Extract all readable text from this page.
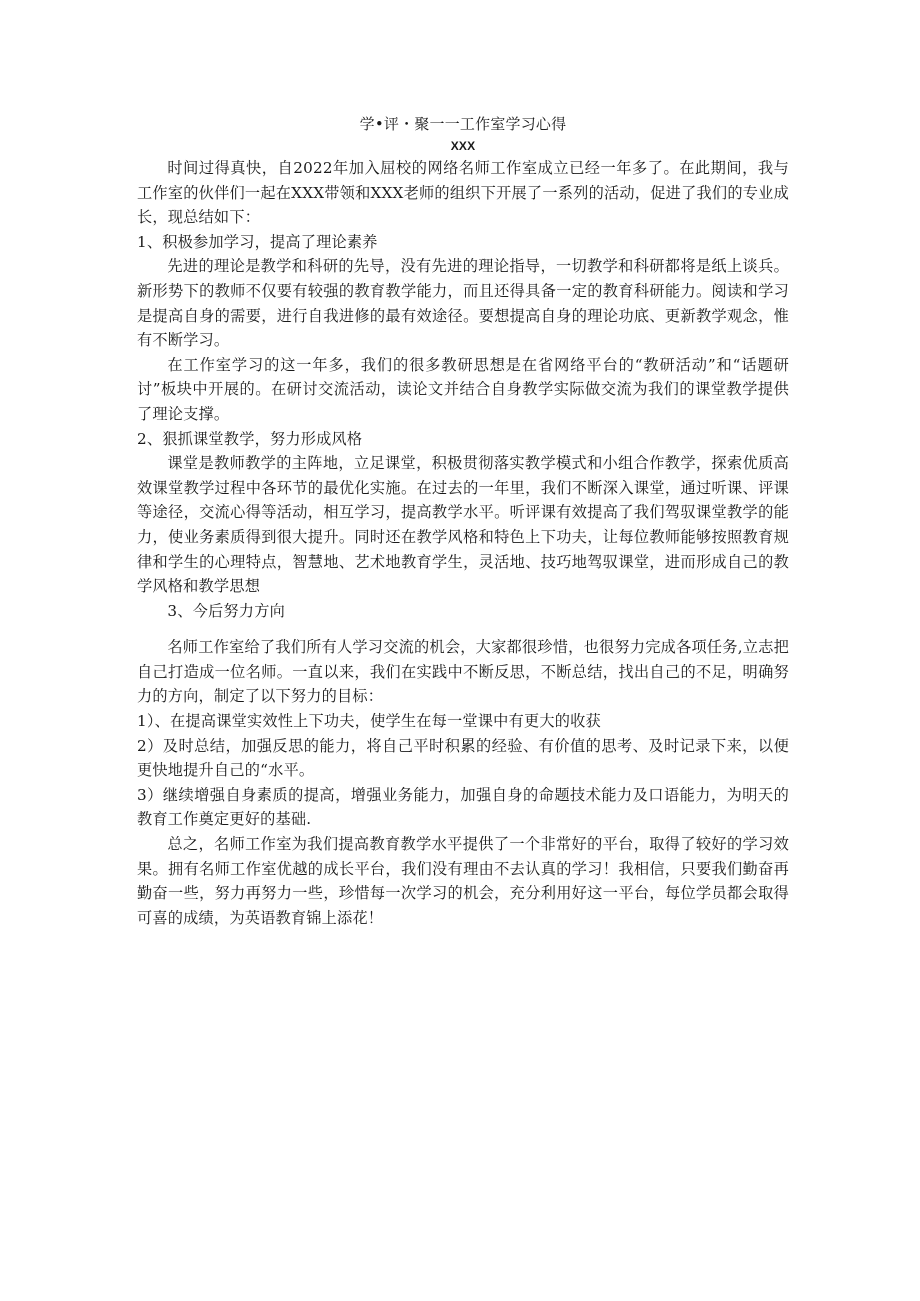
学•评・聚一一工作室学习心得

XXX

时间过得真快，自2022年加入屈校的网络名师工作室成立已经一年多了。在此期间，我与工作室的伙伴们一起在XXX带领和XXX老师的组织下开展了一系列的活动，促进了我们的专业成长，现总结如下：

1、积极参加学习，提高了理论素养

先进的理论是教学和科研的先导，没有先进的理论指导，一切教学和科研都将是纸上谈兵。新形势下的教师不仅要有较强的教育教学能力，而且还得具备一定的教育科研能力。阅读和学习是提高自身的需要，进行自我进修的最有效途径。要想提高自身的理论功底、更新教学观念，惟有不断学习。

在工作室学习的这一年多，我们的很多教研思想是在省网络平台的“教研活动”和“话题研讨”板块中开展的。在研讨交流活动，读论文并结合自身教学实际做交流为我们的课堂教学提供了理论支撑。

2、狠抓课堂教学，努力形成风格

课堂是教师教学的主阵地，立足课堂，积极贯彻落实教学模式和小组合作教学，探索优质高效课堂教学过程中各环节的最优化实施。在过去的一年里，我们不断深入课堂，通过听课、评课等途径，交流心得等活动，相互学习，提高教学水平。听评课有效提高了我们驾驭课堂教学的能力，使业务素质得到很大提升。同时还在教学风格和特色上下功夫，让每位教师能够按照教育规律和学生的心理特点，智慧地、艺术地教育学生，灵活地、技巧地驾驭课堂，进而形成自己的教学风格和教学思想

3、今后努力方向

名师工作室给了我们所有人学习交流的机会，大家都很珍惜，也很努力完成各项任务,立志把自己打造成一位名师。一直以来，我们在实践中不断反思，不断总结，找出自己的不足，明确努力的方向，制定了以下努力的目标：

1）、在提高课堂实效性上下功夫，使学生在每一堂课中有更大的收获

2）及时总结，加强反思的能力，将自己平时积累的经验、有价值的思考、及时记录下来，以便更快地提升自己的“水平。

3）继续增强自身素质的提高，增强业务能力，加强自身的命题技术能力及口语能力，为明天的教育工作奠定更好的基础.

总之，名师工作室为我们提高教育教学水平提供了一个非常好的平台，取得了较好的学习效果。拥有名师工作室优越的成长平台，我们没有理由不去认真的学习！我相信，只要我们勤奋再勤奋一些，努力再努力一些，珍惜每一次学习的机会，充分利用好这一平台，每位学员都会取得可喜的成绩，为英语教育锦上添花！
